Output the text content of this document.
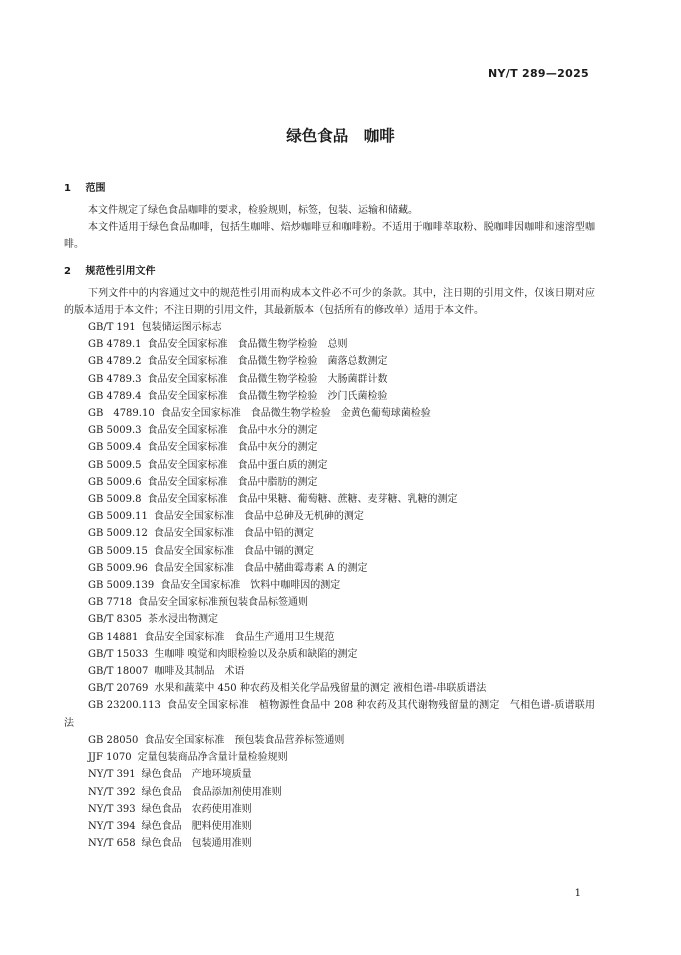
NY/T 289—2025
绿色食品　咖啡
1 范围
本文件规定了绿色食品咖啡的要求，检验规则，标签，包装、运输和储藏。
本文件适用于绿色食品咖啡，包括生咖啡、焙炒咖啡豆和咖啡粉。不适用于咖啡萃取粉、脱咖啡因咖啡和速溶型咖啡。
2 规范性引用文件
下列文件中的内容通过文中的规范性引用而构成本文件必不可少的条款。其中，注日期的引用文件，仅该日期对应的版本适用于本文件；不注日期的引用文件，其最新版本（包括所有的修改单）适用于本文件。
GB/T 191 包装储运图示标志
GB 4789.1 食品安全国家标准　食品微生物学检验　总则
GB 4789.2 食品安全国家标准　食品微生物学检验　菌落总数测定
GB 4789.3 食品安全国家标准　食品微生物学检验　大肠菌群计数
GB 4789.4 食品安全国家标准　食品微生物学检验　沙门氏菌检验
GB　4789.10 食品安全国家标准　食品微生物学检验　金黄色葡萄球菌检验
GB 5009.3 食品安全国家标准　食品中水分的测定
GB 5009.4 食品安全国家标准　食品中灰分的测定
GB 5009.5 食品安全国家标准　食品中蛋白质的测定
GB 5009.6 食品安全国家标准　食品中脂肪的测定
GB 5009.8 食品安全国家标准　食品中果糖、葡萄糖、蔗糖、麦芽糖、乳糖的测定
GB 5009.11 食品安全国家标准　食品中总砷及无机砷的测定
GB 5009.12 食品安全国家标准　食品中铅的测定
GB 5009.15 食品安全国家标准　食品中镉的测定
GB 5009.96 食品安全国家标准　食品中赭曲霉毒素 A 的测定
GB 5009.139 食品安全国家标准　饮料中咖啡因的测定
GB 7718 食品安全国家标准预包装食品标签通则
GB/T 8305 茶水浸出物测定
GB 14881 食品安全国家标准　食品生产通用卫生规范
GB/T 15033 生咖啡 嗅觉和肉眼检验以及杂质和缺陷的测定
GB/T 18007 咖啡及其制品　术语
GB/T 20769 水果和蔬菜中 450 种农药及相关化学品残留量的测定 液相色谱-串联质谱法
GB 23200.113 食品安全国家标准　植物源性食品中 208 种农药及其代谢物残留量的测定　气相色谱-质谱联用法
GB 28050 食品安全国家标准　预包装食品营养标签通则
JJF 1070 定量包装商品净含量计量检验规则
NY/T 391 绿色食品　产地环境质量
NY/T 392 绿色食品　食品添加剂使用准则
NY/T 393 绿色食品　农药使用准则
NY/T 394 绿色食品　肥料使用准则
NY/T 658 绿色食品　包装通用准则
1
